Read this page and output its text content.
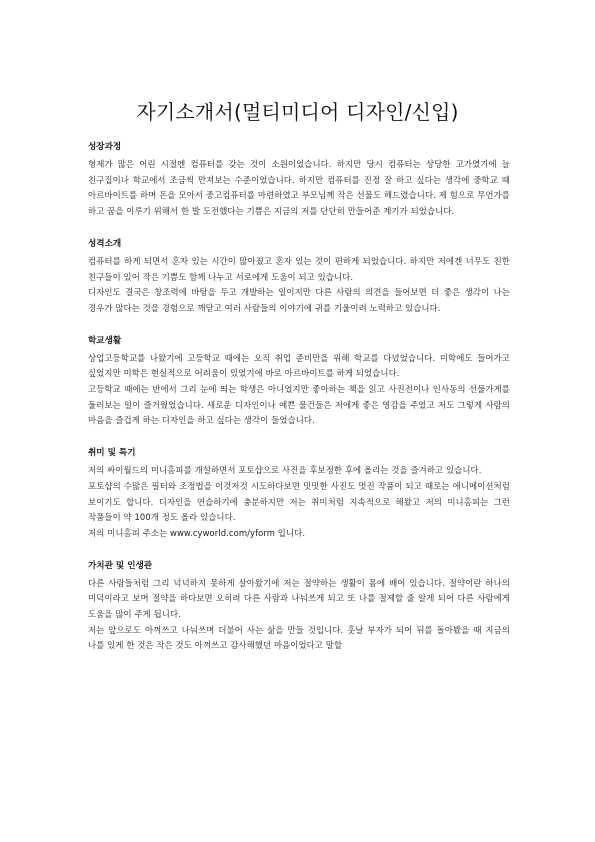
자기소개서(멀티미디어 디자인/신입)
성장과정

형제가 많은 어린 시절엔 컴퓨터를 갖는 것이 소원이었습니다. 하지만 당시 컴퓨터는 상당한 고가였기에 늘 친구집이나 학교에서 조금씩 만져보는 수준이었습니다. 하지만 컴퓨터를 진정 잘 하고 싶다는 생각에 중학교 때 아르바이트를 하며 돈을 모아서 중고컴퓨터를 마련하였고 부모님께 작은 선물도 해드렸습니다. 제 힘으로 무언가를 하고 꿈을 이루기 위해서 한 발 도전했다는 기쁨은 지금의 저를 단단히 만들어준 계기가 되었습니다.

성격소개

컴퓨터를 하게 되면서 혼자 있는 시간이 많아졌고 혼자 있는 것이 편하게 되었습니다. 하지만 저에겐 너무도 친한 친구들이 있어 작은 기쁨도 함께 나누고 서로에게 도움이 되고 있습니다.

디자인도 결국은 창조력에 바탕을 두고 개발하는 일이지만 다른 사람의 의견을 들어보면 더 좋은 생각이 나는 경우가 많다는 것을 경험으로 깨닫고 여러 사람들의 이야기에 귀를 기울이려 노력하고 있습니다.

학교생활

상업고등학교를 나왔기에 고등학교 때에는 오직 취업 준비만을 위해 학교를 다녔었습니다. 미학에도 들어가고 싶었지만 미학은 현실적으로 어려움이 있었기에 바로 아르바이트를 하게 되었습니다.

고등학교 때에는 반에서 그리 눈에 띄는 학생은 아니었지만 좋아하는 책을 읽고 사진전이나 인사동의 선물가게를 둘러보는 일이 즐거웠었습니다. 새로운 디자인이나 예쁜 물건들은 저에게 좋은 영감을 주었고 저도 그렇게 사람의 마음을 즐겁게 하는 디자인을 하고 싶다는 생각이 들었습니다.

취미 및 특기

저의 싸이월드의 미니홈피를 개설하면서 포토샵으로 사진을 후보정한 후에 올리는 것을 즐겨하고 있습니다.

포토샵의 수많은 필터와 조정법을 이것저것 시도하다보면 밋밋한 사진도 멋진 작품이 되고 때로는 애니메이션처럼 보이기도 합니다. 디자인을 연습하기에 충분하지만 저는 취미처럼 지속적으로 해왔고 저의 미니홈피는 그런 작품들이 약 100개 정도 올라 있습니다.

저의 미니홈피 주소는 www.cyworld.com/yform 입니다.

가치관 및 인생관

다른 사람들처럼 그리 넉넉하지 못하게 살아왔기에 저는 절약하는 생활이 몸에 배어 있습니다. 절약이란 하나의 미덕이라고 보며 절약을 하다보면 오히려 다른 사람과 나눠쓰게 되고 또 나를 절제할 줄 알게 되어 다른 사람에게 도움을 많이 주게 됩니다.

저는 앞으로도 아껴쓰고 나눠쓰며 더불어 사는 삶을 만들 것입니다. 훗날 부자가 되어 뒤를 돌아봤을 때 지금의 나를 있게 한 것은 작은 것도 아껴쓰고 감사해했던 마음이었다고 말할
